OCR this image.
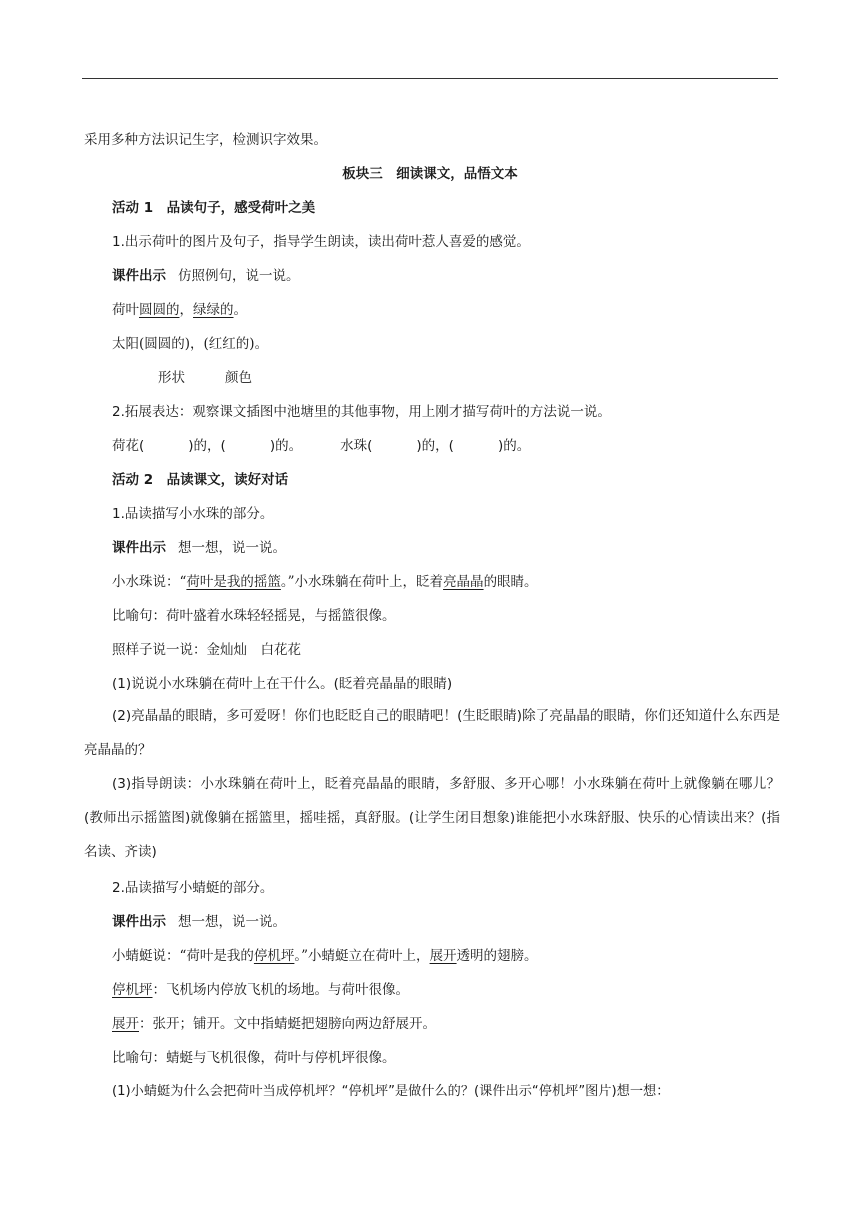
采用多种方法识记生字，检测识字效果。
板块三　细读课文，品悟文本
活动 1　品读句子，感受荷叶之美
1.出示荷叶的图片及句子，指导学生朗读，读出荷叶惹人喜爱的感觉。
课件出示 仿照例句，说一说。
荷叶圆圆的，绿绿的。
太阳(圆圆的)，(红红的)。
形状	颜色
2.拓展表达：观察课文插图中池塘里的其他事物，用上刚才描写荷叶的方法说一说。
荷花(	)的，(	)的。	水珠(	)的，(	)的。
活动 2　品读课文，读好对话
1.品读描写小水珠的部分。
课件出示 想一想，说一说。
小水珠说：“荷叶是我的摇篮。”小水珠躺在荷叶上，眨着亮晶晶的眼睛。
比喻句：荷叶盛着水珠轻轻摇晃，与摇篮很像。
照样子说一说：金灿灿　白花花
(1)说说小水珠躺在荷叶上在干什么。(眨着亮晶晶的眼睛)
(2)亮晶晶的眼睛，多可爱呀！你们也眨眨自己的眼睛吧！(生眨眼睛)除了亮晶晶的眼睛，你们还知道什么东西是亮晶晶的？
(3)指导朗读：小水珠躺在荷叶上，眨着亮晶晶的眼睛，多舒服、多开心哪！小水珠躺在荷叶上就像躺在哪儿？(教师出示摇篮图)就像躺在摇篮里，摇哇摇，真舒服。(让学生闭目想象)谁能把小水珠舒服、快乐的心情读出来？(指名读、齐读)
2.品读描写小蜻蜓的部分。
课件出示 想一想，说一说。
小蜻蜓说：“荷叶是我的停机坪。”小蜻蜓立在荷叶上，展开透明的翅膀。
停机坪：飞机场内停放飞机的场地。与荷叶很像。
展开：张开；铺开。文中指蜻蜓把翅膀向两边舒展开。
比喻句：蜻蜓与飞机很像，荷叶与停机坪很像。
(1)小蜻蜓为什么会把荷叶当成停机坪？“停机坪”是做什么的？(课件出示“停机坪”图片)想一想：
